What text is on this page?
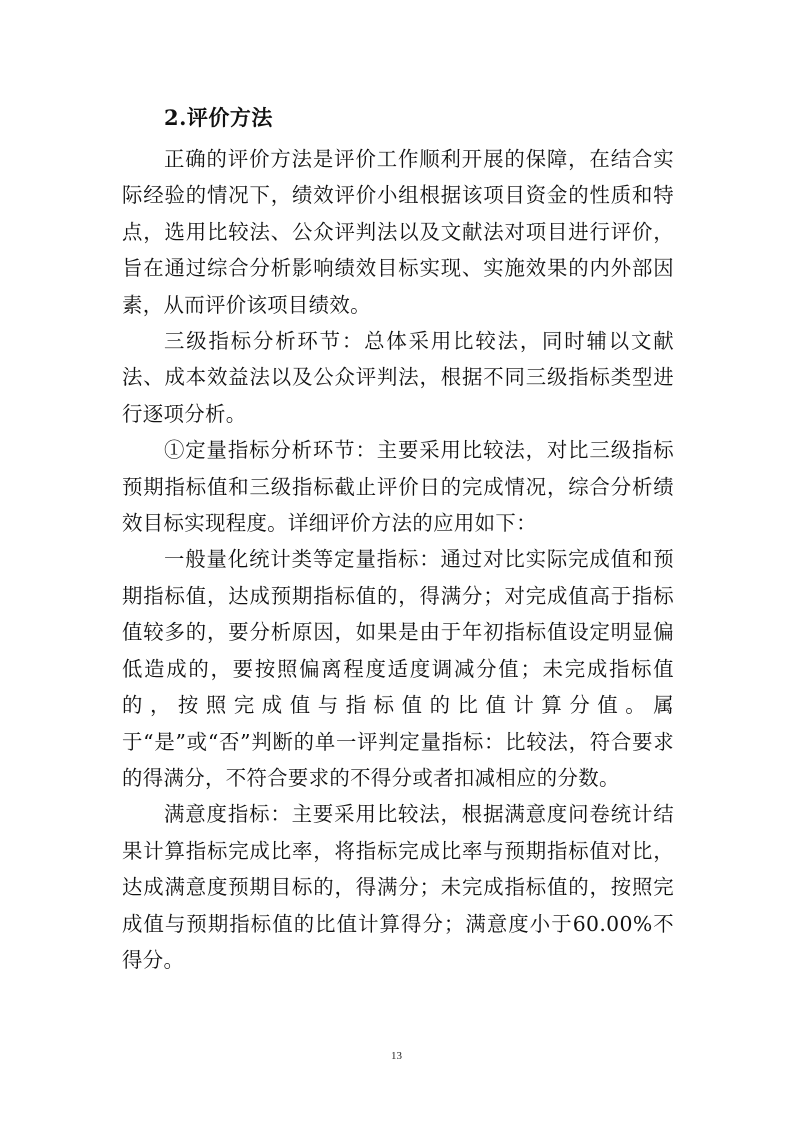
2.评价方法

正确的评价方法是评价工作顺利开展的保障，在结合实际经验的情况下，绩效评价小组根据该项目资金的性质和特点，选用比较法、公众评判法以及文献法对项目进行评价，旨在通过综合分析影响绩效目标实现、实施效果的内外部因素，从而评价该项目绩效。

三级指标分析环节：总体采用比较法，同时辅以文献法、成本效益法以及公众评判法，根据不同三级指标类型进行逐项分析。

①定量指标分析环节：主要采用比较法，对比三级指标预期指标值和三级指标截止评价日的完成情况，综合分析绩效目标实现程度。详细评价方法的应用如下：

一般量化统计类等定量指标：通过对比实际完成值和预期指标值，达成预期指标值的，得满分；对完成值高于指标值较多的，要分析原因，如果是由于年初指标值设定明显偏低造成的，要按照偏离程度适度调减分值；未完成指标值的，按照完成值与指标值的比值计算分值。属于“是”或“否”判断的单一评判定量指标：比较法，符合要求的得满分，不符合要求的不得分或者扣减相应的分数。

满意度指标：主要采用比较法，根据满意度问卷统计结果计算指标完成比率，将指标完成比率与预期指标值对比，达成满意度预期目标的，得满分；未完成指标值的，按照完成值与预期指标值的比值计算得分；满意度小于60.00%不得分。

13
